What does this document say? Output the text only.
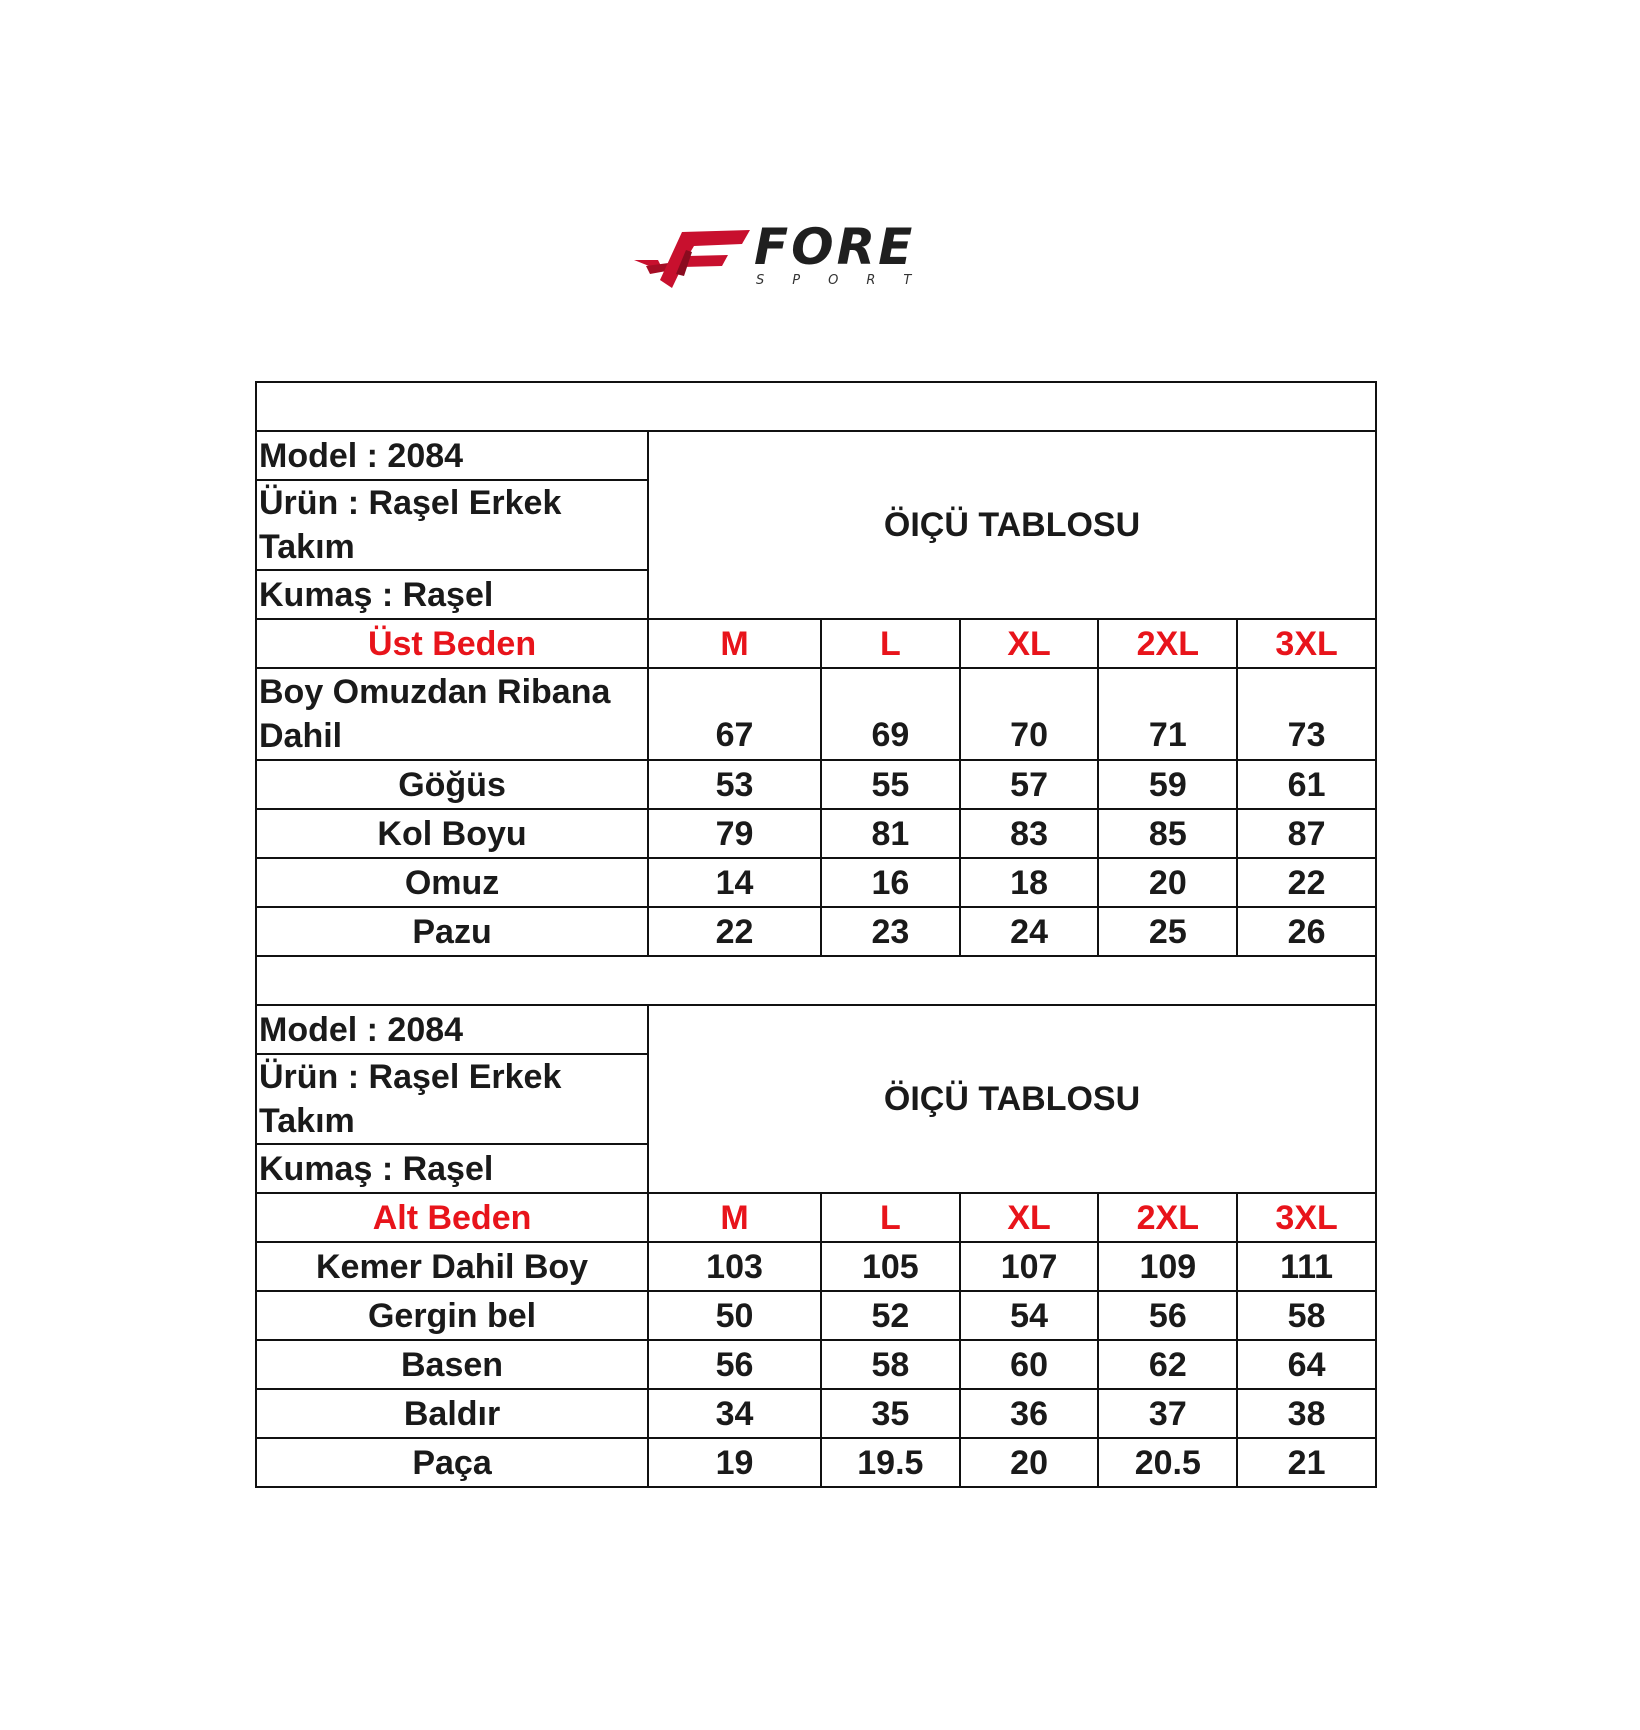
FORE
SPORT

Model : 2084	ÖIÇÜ TABLOSU				
Ürün : Raşel Erkek Takım					
Kumaş : Raşel					
Üst Beden	M	L	XL	2XL	3XL
Boy Omuzdan Ribana Dahil	67	69	70	71	73
Göğüs	53	55	57	59	61
Kol Boyu	79	81	83	85	87
Omuz	14	16	18	20	22
Pazu	22	23	24	25	26

Model : 2084	ÖIÇÜ TABLOSU				
Ürün : Raşel Erkek Takım					
Kumaş : Raşel					
Alt Beden	M	L	XL	2XL	3XL
Kemer Dahil Boy	103	105	107	109	111
Gergin bel	50	52	54	56	58
Basen	56	58	60	62	64
Baldır	34	35	36	37	38
Paça	19	19.5	20	20.5	21
